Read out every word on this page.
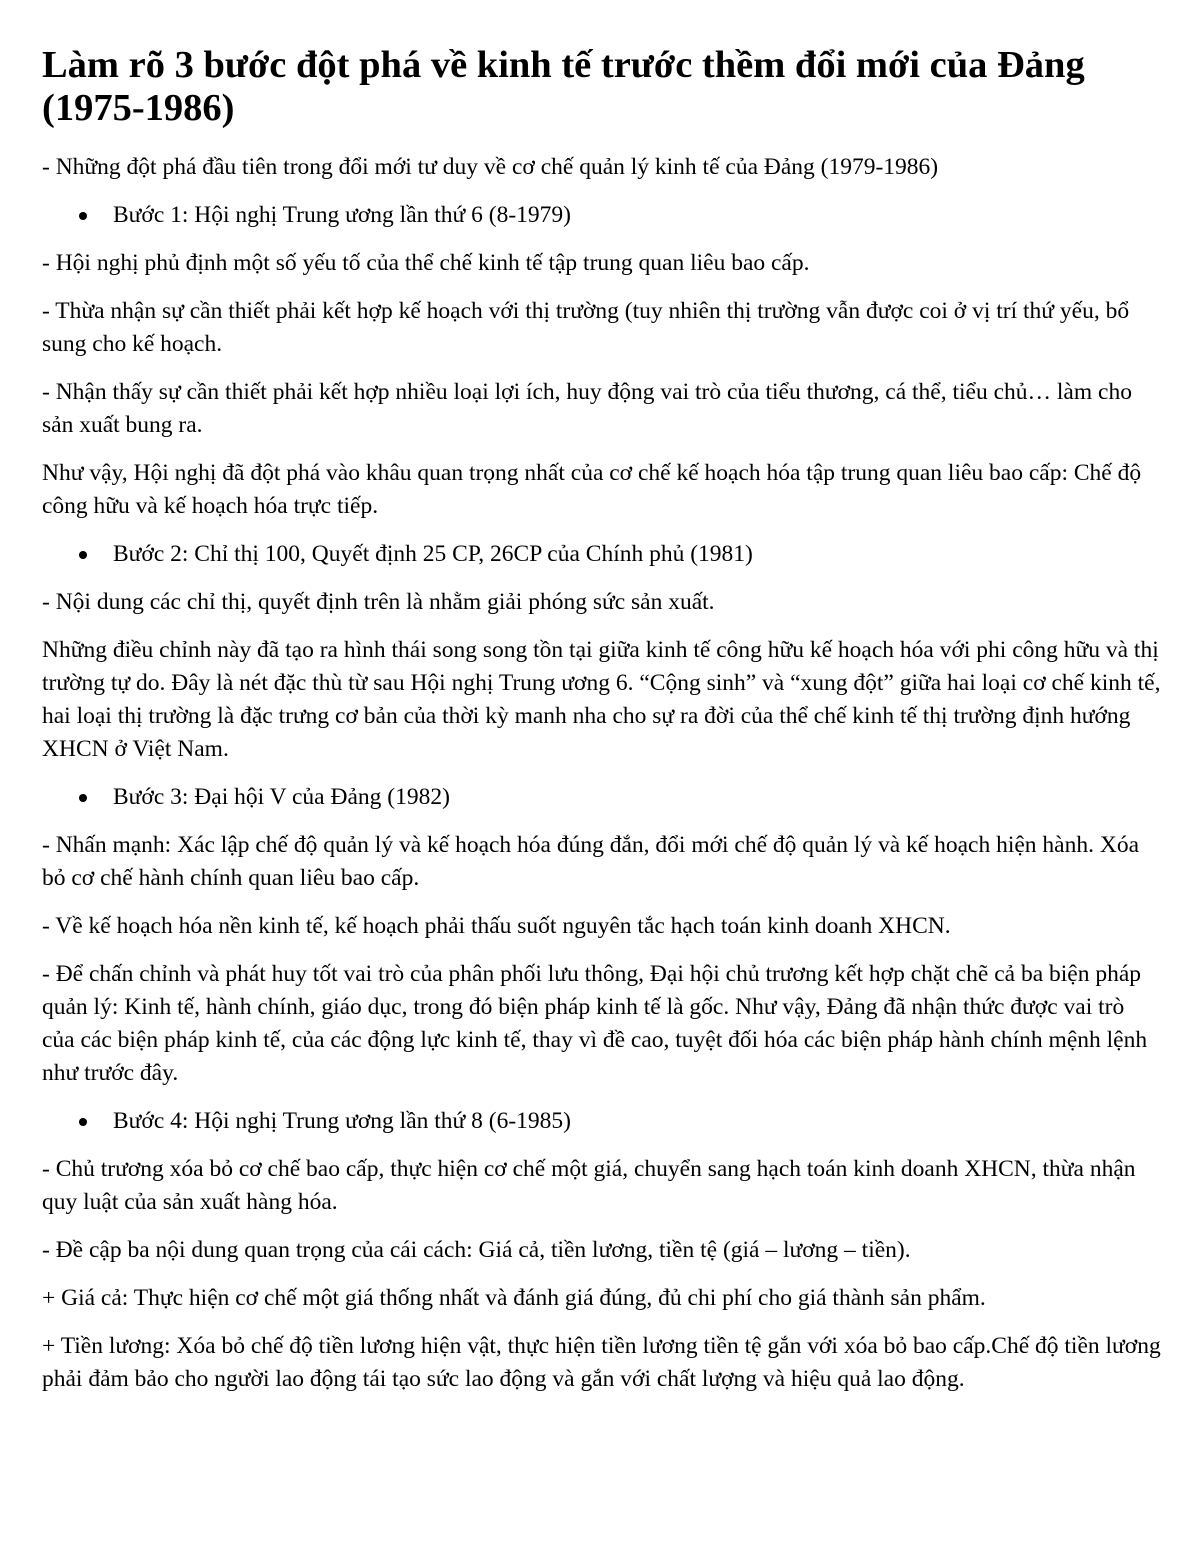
Làm rõ 3 bước đột phá về kinh tế trước thềm đổi mới của Đảng (1975-1986)

- Những đột phá đầu tiên trong đổi mới tư duy về cơ chế quản lý kinh tế của Đảng (1979-1986)

Bước 1: Hội nghị Trung ương lần thứ 6 (8-1979)

- Hội nghị phủ định một số yếu tố của thể chế kinh tế tập trung quan liêu bao cấp.

- Thừa nhận sự cần thiết phải kết hợp kế hoạch với thị trường (tuy nhiên thị trường vẫn được coi ở vị trí thứ yếu, bổ sung cho kế hoạch.

- Nhận thấy sự cần thiết phải kết hợp nhiều loại lợi ích, huy động vai trò của tiểu thương, cá thể, tiểu chủ… làm cho sản xuất bung ra.

Như vậy, Hội nghị đã đột phá vào khâu quan trọng nhất của cơ chế kế hoạch hóa tập trung quan liêu bao cấp: Chế độ công hữu và kế hoạch hóa trực tiếp.

Bước 2: Chỉ thị 100, Quyết định 25 CP, 26CP của Chính phủ (1981)

- Nội dung các chỉ thị, quyết định trên là nhằm giải phóng sức sản xuất.

Những điều chỉnh này đã tạo ra hình thái song song tồn tại giữa kinh tế công hữu kế hoạch hóa với phi công hữu và thị trường tự do. Đây là nét đặc thù từ sau Hội nghị Trung ương 6. “Cộng sinh” và “xung đột” giữa hai loại cơ chế kinh tế, hai loại thị trường là đặc trưng cơ bản của thời kỳ manh nha cho sự ra đời của thể chế kinh tế thị trường định hướng XHCN ở Việt Nam.

Bước 3: Đại hội V của Đảng (1982)

- Nhấn mạnh: Xác lập chế độ quản lý và kế hoạch hóa đúng đắn, đổi mới chế độ quản lý và kế hoạch hiện hành. Xóa bỏ cơ chế hành chính quan liêu bao cấp.

- Về kế hoạch hóa nền kinh tế, kế hoạch phải thấu suốt nguyên tắc hạch toán kinh doanh XHCN.

- Để chấn chỉnh và phát huy tốt vai trò của phân phối lưu thông, Đại hội chủ trương kết hợp chặt chẽ cả ba biện pháp quản lý: Kinh tế, hành chính, giáo dục, trong đó biện pháp kinh tế là gốc. Như vậy, Đảng đã nhận thức được vai trò của các biện pháp kinh tế, của các động lực kinh tế, thay vì đề cao, tuyệt đối hóa các biện pháp hành chính mệnh lệnh như trước đây.

Bước 4: Hội nghị Trung ương lần thứ 8 (6-1985)

- Chủ trương xóa bỏ cơ chế bao cấp, thực hiện cơ chế một giá, chuyển sang hạch toán kinh doanh XHCN, thừa nhận quy luật của sản xuất hàng hóa.

- Đề cập ba nội dung quan trọng của cái cách: Giá cả, tiền lương, tiền tệ (giá – lương – tiền).

+ Giá cả: Thực hiện cơ chế một giá thống nhất và đánh giá đúng, đủ chi phí cho giá thành sản phẩm.

+ Tiền lương: Xóa bỏ chế độ tiền lương hiện vật, thực hiện tiền lương tiền tệ gắn với xóa bỏ bao cấp.Chế độ tiền lương phải đảm bảo cho người lao động tái tạo sức lao động và gắn với chất lượng và hiệu quả lao động.
